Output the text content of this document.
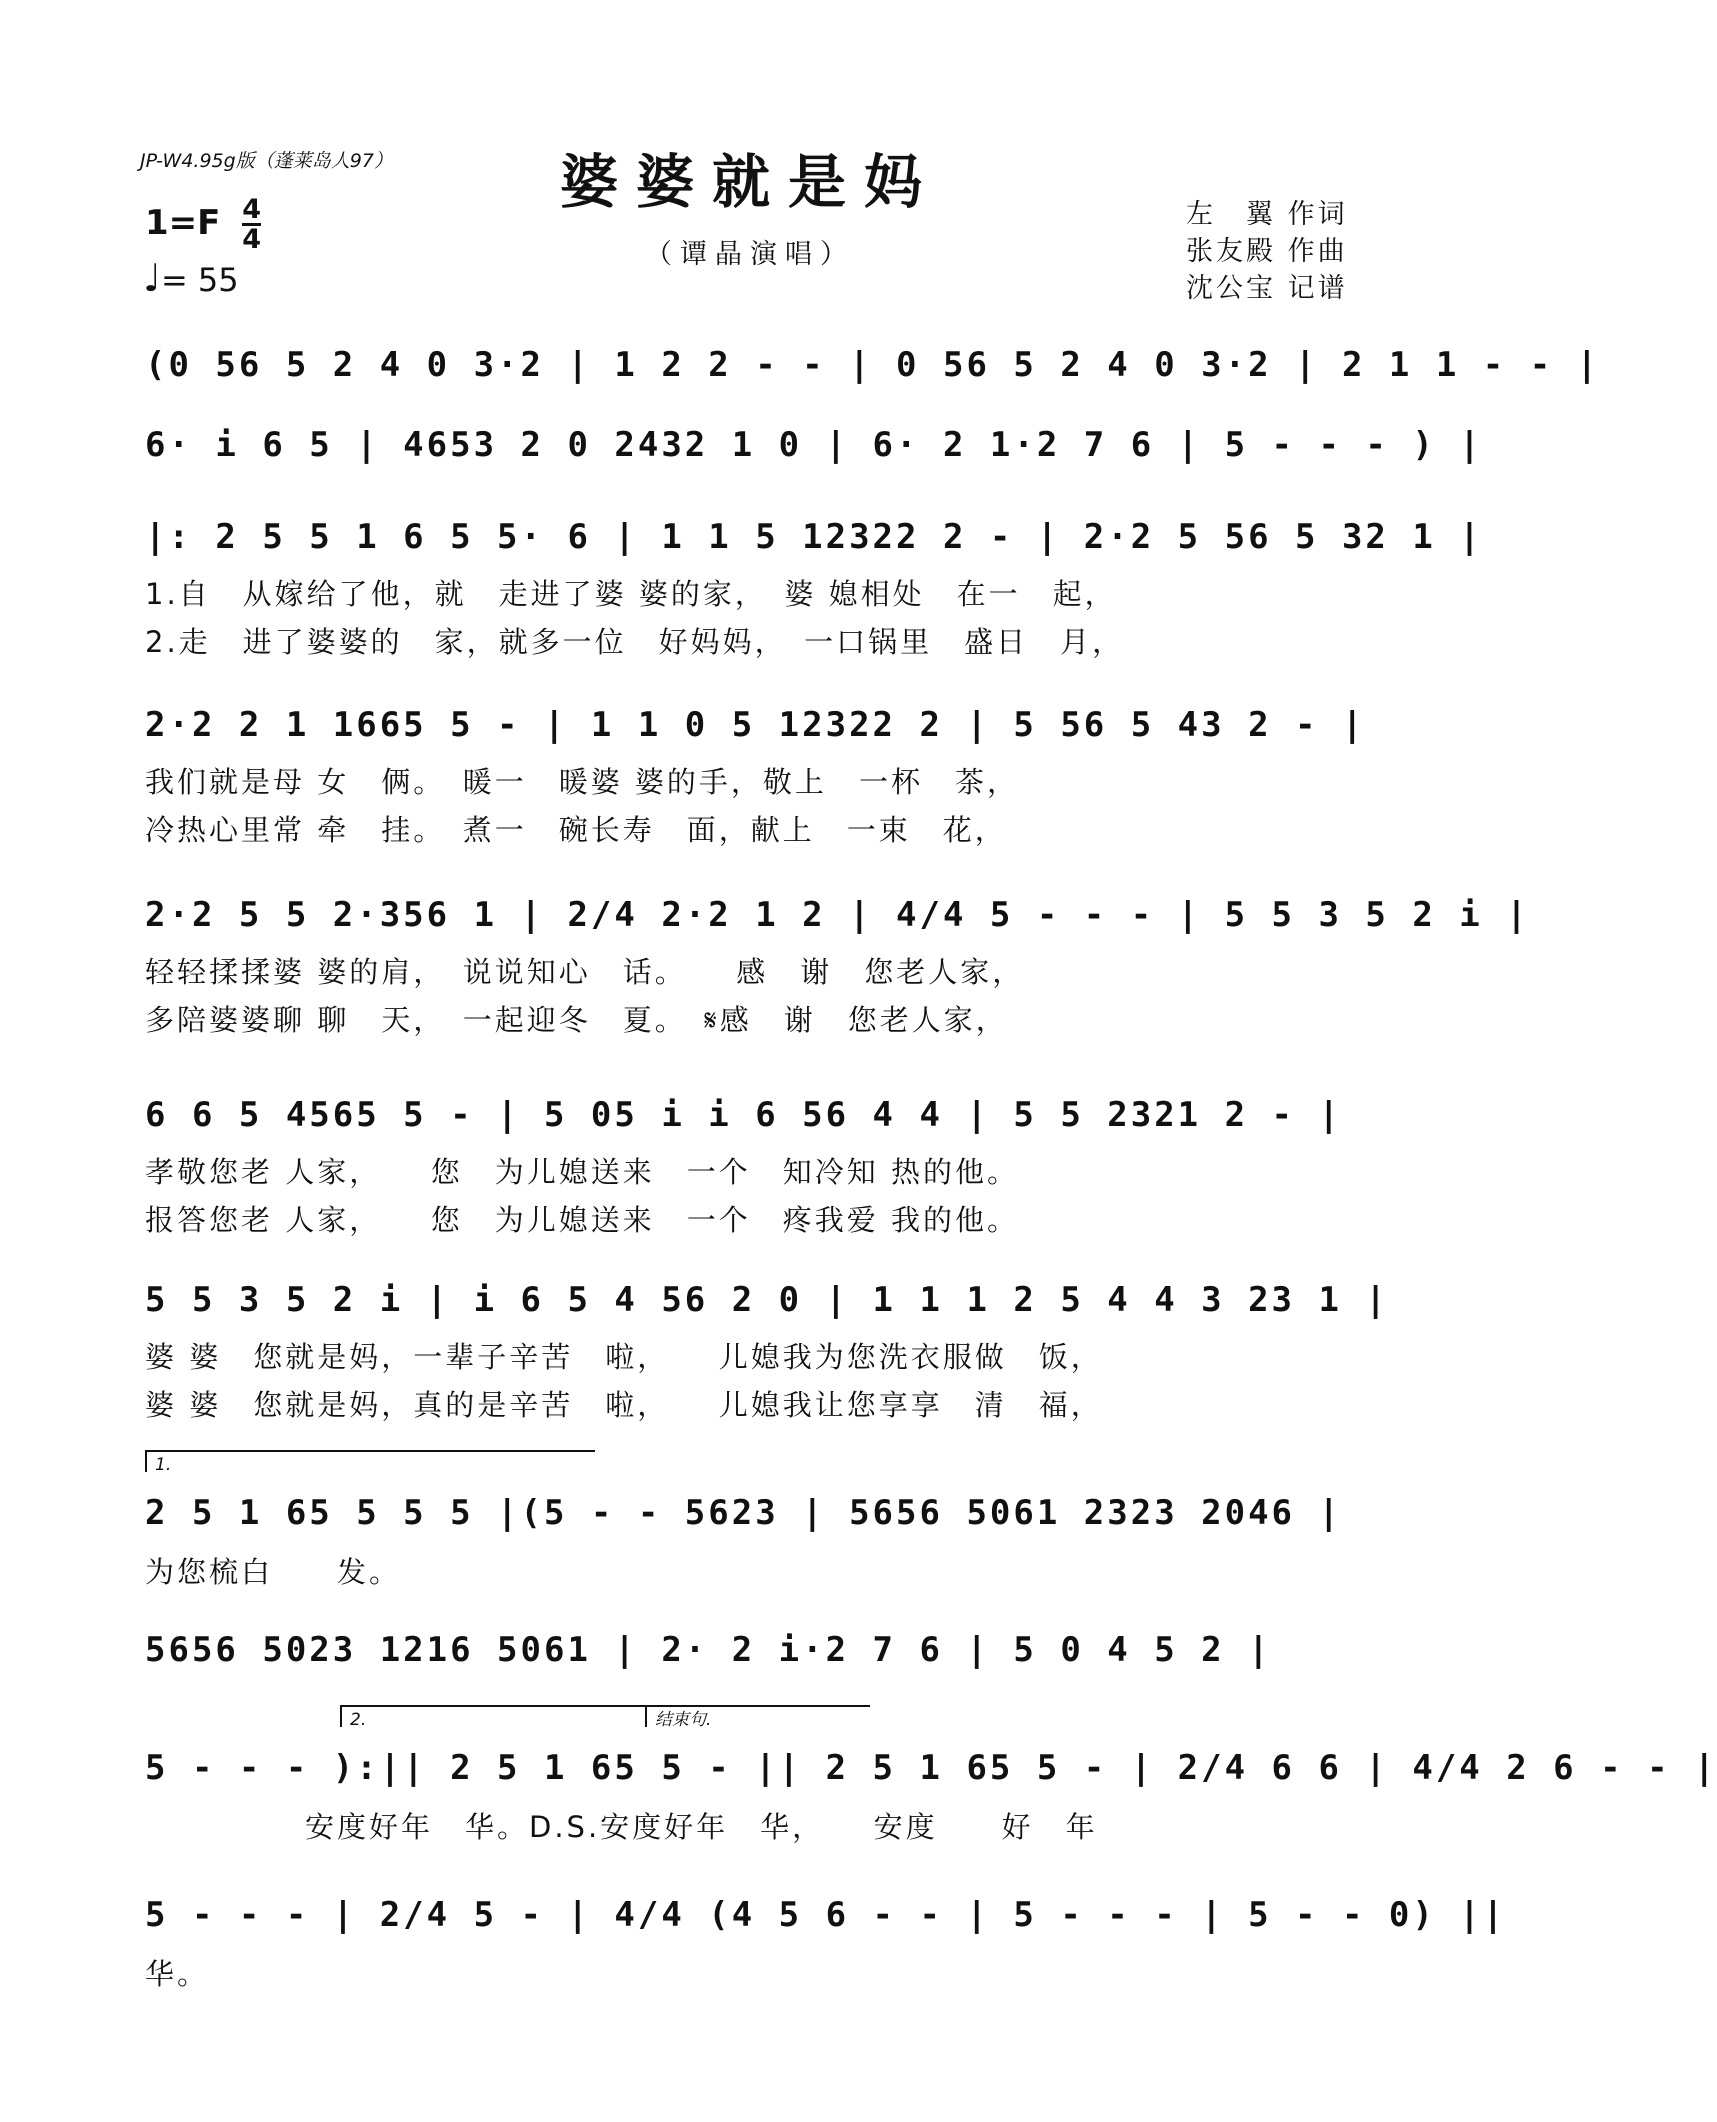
JP-W4.95g版（蓬莱岛人97）	婆婆就是妈
（谭晶演唱）
$1=F \frac{4}{4}$
♩= 55
左　翼 作词
张友殿 作曲
沈公宝 记谱
(0 56 5 2 4 0 3·2 | 1 2 2 - - | 0 56 5 2 4 0 3·2 | 2 1 1 - - |
6· i 6 5 | 4653 2 0 2432 1 0 | 6· 2 1·2 7 6 | 5 - - - ) |
|: 2 5 5 1 6 5 5· 6 | 1 1 5 12322 2 - | 2·2 5 56 5 32 1 |
1.自　从嫁给了他，就　走进了婆 婆的家，　婆 媳相处　在一　起，
2.走　进了婆婆的　家，就多一位　好妈妈，　一口锅里　盛日　月，
2·2 2 1 1665 5 - | 1 1 0 5 12322 2 | 5 56 5 43 2 - |
我们就是母 女　俩。　暖一　暖婆 婆的手，敬上　一杯　茶，
冷热心里常 牵　挂。　煮一　碗长寿　面，献上　一束　花，
2·2 5 5 2·356 1 | 2/4 2·2 1 2 | 4/4 5 - - - | 5 5 3 5 2 i |
轻轻揉揉婆 婆的肩，　说说知心　话。　　感　谢　您老人家，
多陪婆婆聊 聊　天，　一起迎冬　夏。　𝄋感　谢　您老人家，
6 6 5 4565 5 - | 5 05 i i 6 56 4 4 | 5 5 2321 2 - |
孝敬您老 人家，　　您　为儿媳送来　一个　知冷知 热的他。
报答您老 人家，　　您　为儿媳送来　一个　疼我爱 我的他。
5 5 3 5 2 i | i 6 5 4 56 2 0 | 1 1 1 2 5 4 4 3 23 1 |
婆 婆　您就是妈，一辈子辛苦　啦，　　儿媳我为您洗衣服做　饭，
婆 婆　您就是妈，真的是辛苦　啦，　　儿媳我让您享享　清　福，
1.
2 5 1 65 5 5 5 |(5 - - 5623 | 5656 5061 2323 2046 |
为您梳白　　发。
5656 5023 1216 5061 | 2· 2 i·2 7 6 | 5 0 4 5 2 |
2.	结束句.
5 - - - ):|| 2 5 1 65 5 - || 2 5 1 65 5 - | 2/4 6 6 | 4/4 2 6 - - |
　　　　　安度好年　华。D.S.安度好年　华，　　安度　　好　年
5 - - - | 2/4 5 - | 4/4 (4 5 6 - - | 5 - - - | 5 - - 0) ||
华。
